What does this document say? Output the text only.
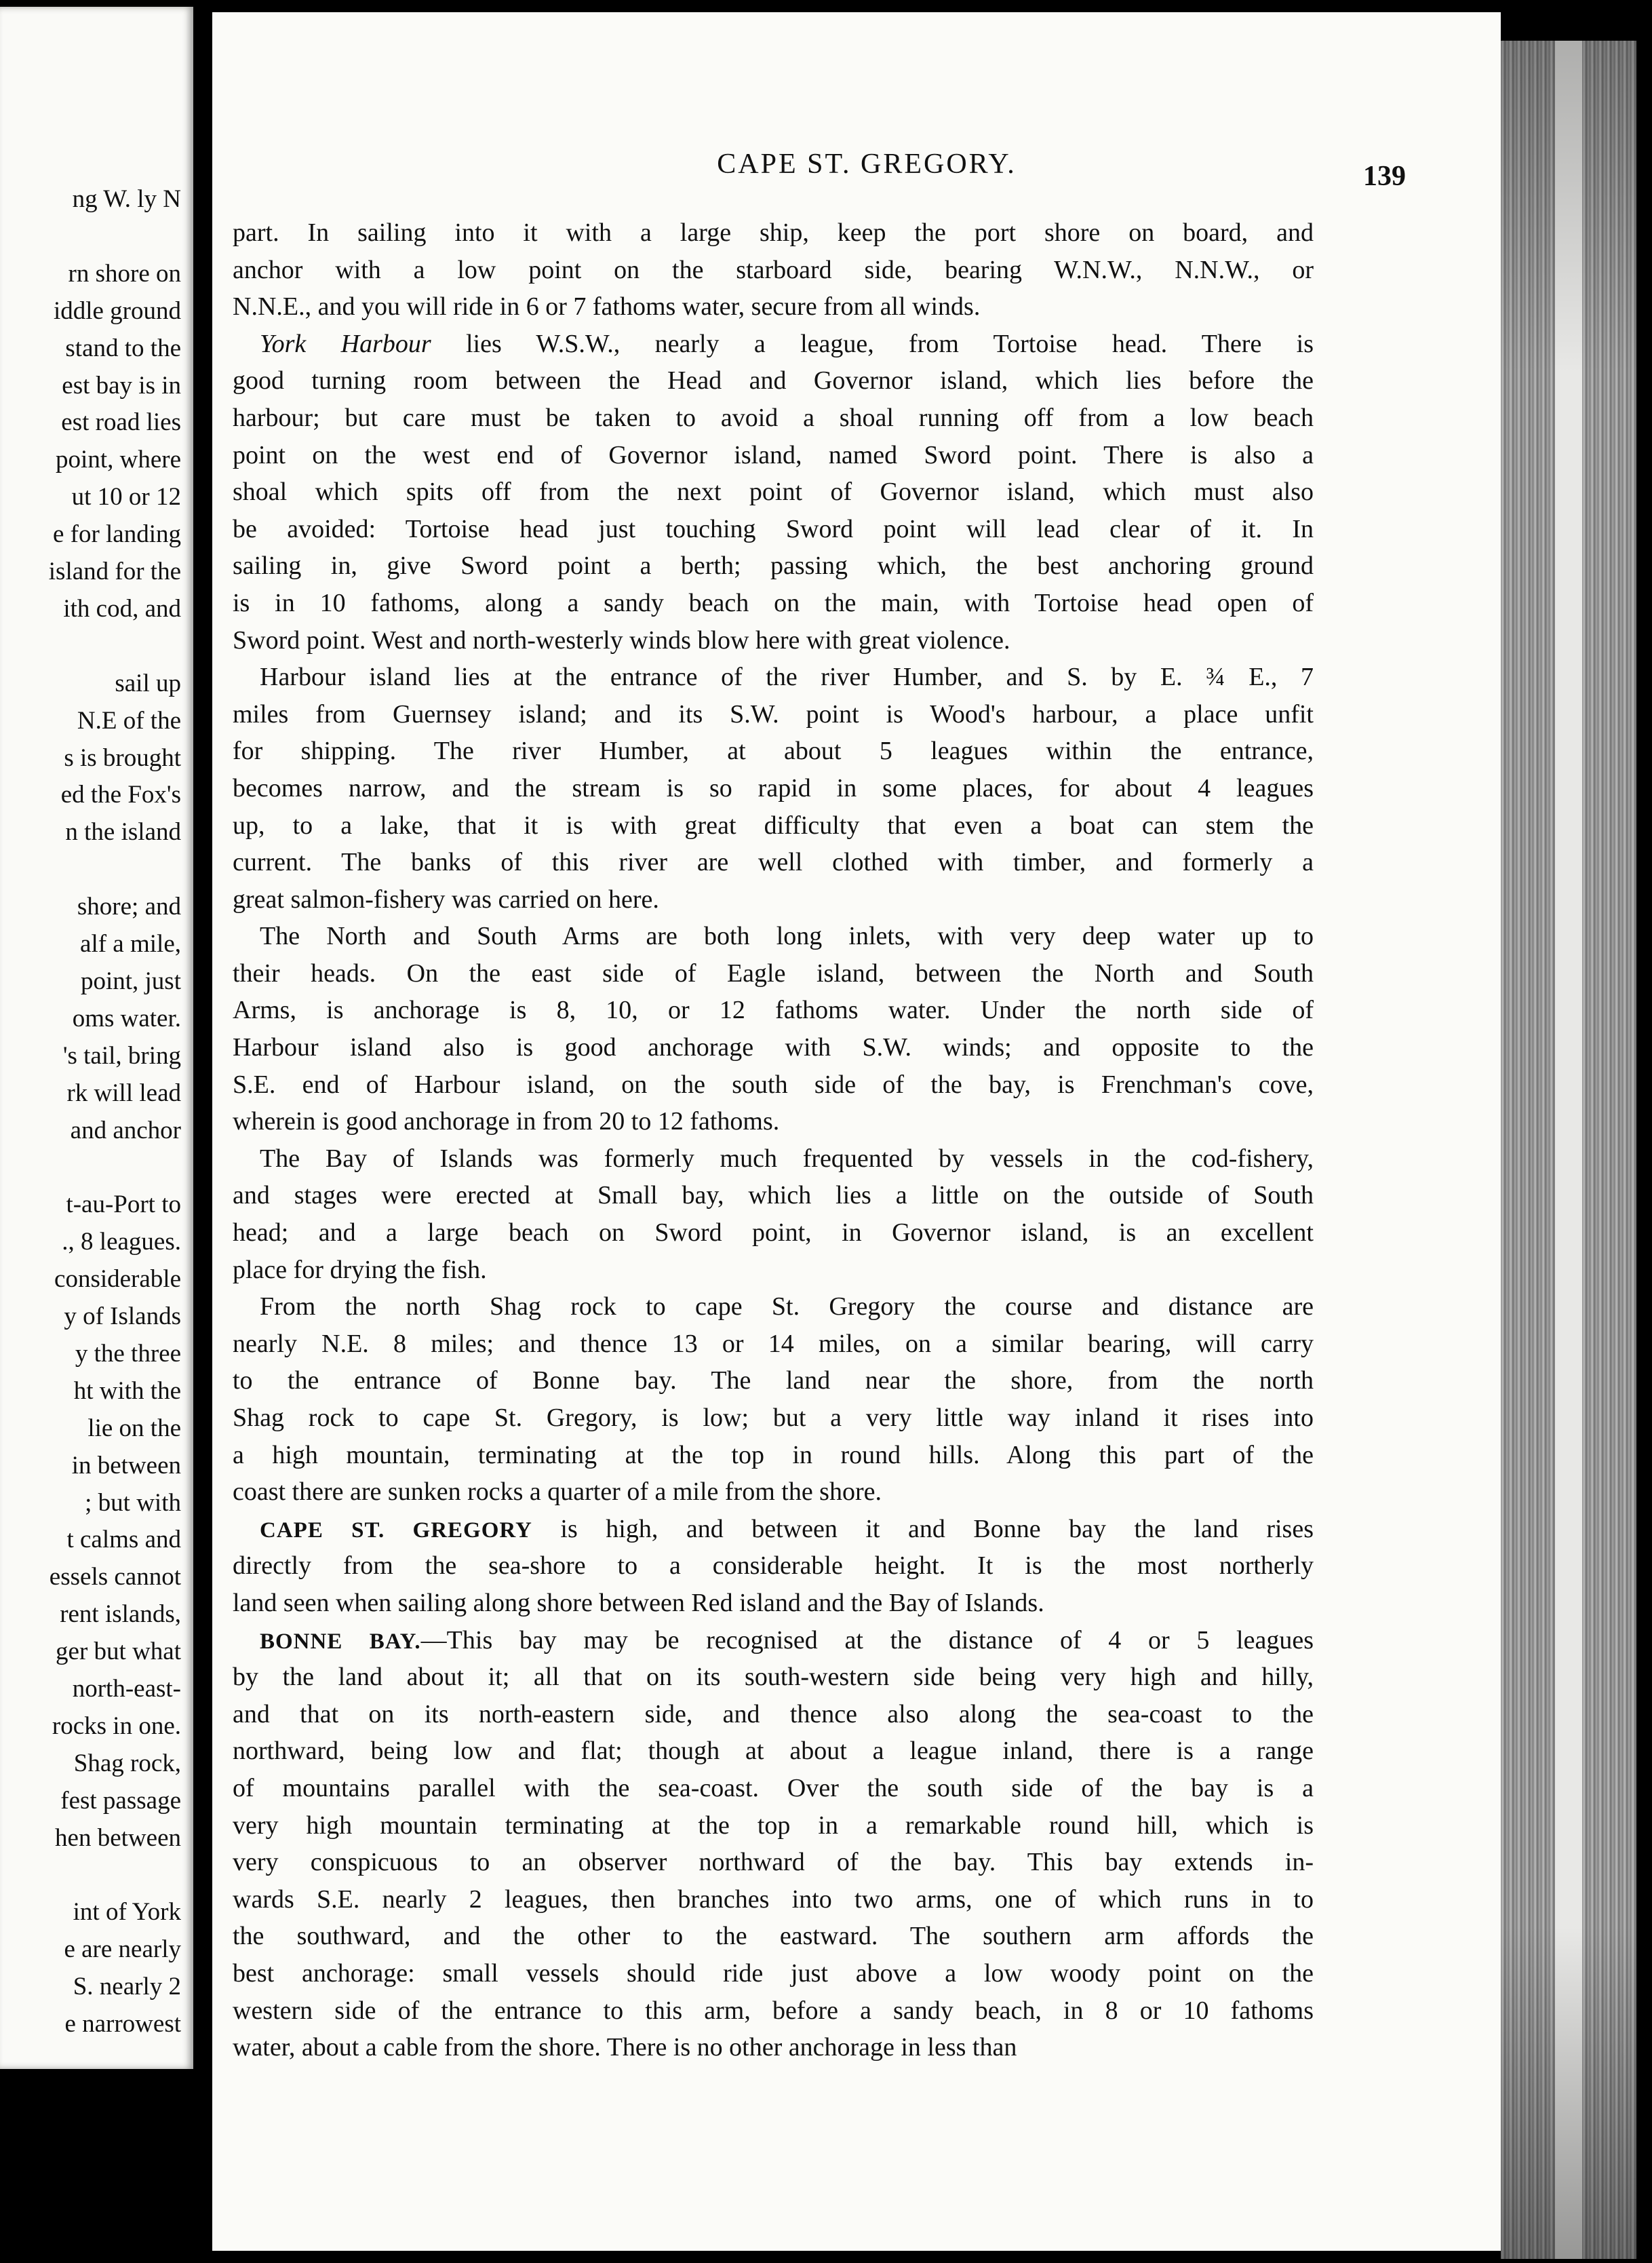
ng W. ly N
rn shore on
iddle ground
stand to the
est bay is in
est road lies
point, where
ut 10 or 12
e for landing
island for the
ith cod, and
sail up
N.E of the
s is brought
ed the Fox's
n the island
shore; and
alf a mile,
point, just
oms water.
's tail, bring
rk will lead
and anchor
t-au-Port to
., 8 leagues.
considerable
y of Islands
y the three
ht with the
lie on the
in between
; but with
t calms and
essels cannot
rent islands,
ger but what
north-east-
rocks in one.
Shag rock,
fest passage
hen between
int of York
e are nearly
S. nearly 2
e narrowest
CAPE ST. GREGORY.	139
part. In sailing into it with a large ship, keep the port shore on board, and
anchor with a low point on the starboard side, bearing W.N.W., N.N.W., or
N.N.E., and you will ride in 6 or 7 fathoms water, secure from all winds.
York Harbour lies W.S.W., nearly a league, from Tortoise head. There is
good turning room between the Head and Governor island, which lies before the
harbour; but care must be taken to avoid a shoal running off from a low beach
point on the west end of Governor island, named Sword point. There is also a
shoal which spits off from the next point of Governor island, which must also
be avoided: Tortoise head just touching Sword point will lead clear of it. In
sailing in, give Sword point a berth; passing which, the best anchoring ground
is in 10 fathoms, along a sandy beach on the main, with Tortoise head open of
Sword point. West and north-westerly winds blow here with great violence.
Harbour island lies at the entrance of the river Humber, and S. by E. ¾ E., 7
miles from Guernsey island; and its S.W. point is Wood's harbour, a place unfit
for shipping. The river Humber, at about 5 leagues within the entrance,
becomes narrow, and the stream is so rapid in some places, for about 4 leagues
up, to a lake, that it is with great difficulty that even a boat can stem the
current. The banks of this river are well clothed with timber, and formerly a
great salmon-fishery was carried on here.
The North and South Arms are both long inlets, with very deep water up to
their heads. On the east side of Eagle island, between the North and South
Arms, is anchorage is 8, 10, or 12 fathoms water. Under the north side of
Harbour island also is good anchorage with S.W. winds; and opposite to the
S.E. end of Harbour island, on the south side of the bay, is Frenchman's cove,
wherein is good anchorage in from 20 to 12 fathoms.
The Bay of Islands was formerly much frequented by vessels in the cod-fishery,
and stages were erected at Small bay, which lies a little on the outside of South
head; and a large beach on Sword point, in Governor island, is an excellent
place for drying the fish.
From the north Shag rock to cape St. Gregory the course and distance are
nearly N.E. 8 miles; and thence 13 or 14 miles, on a similar bearing, will carry
to the entrance of Bonne bay. The land near the shore, from the north
Shag rock to cape St. Gregory, is low; but a very little way inland it rises into
a high mountain, terminating at the top in round hills. Along this part of the
coast there are sunken rocks a quarter of a mile from the shore.
CAPE ST. GREGORY is high, and between it and Bonne bay the land rises
directly from the sea-shore to a considerable height. It is the most northerly
land seen when sailing along shore between Red island and the Bay of Islands.
BONNE BAY.—This bay may be recognised at the distance of 4 or 5 leagues
by the land about it; all that on its south-western side being very high and hilly,
and that on its north-eastern side, and thence also along the sea-coast to the
northward, being low and flat; though at about a league inland, there is a range
of mountains parallel with the sea-coast. Over the south side of the bay is a
very high mountain terminating at the top in a remarkable round hill, which is
very conspicuous to an observer northward of the bay. This bay extends in-
wards S.E. nearly 2 leagues, then branches into two arms, one of which runs in to
the southward, and the other to the eastward. The southern arm affords the
best anchorage: small vessels should ride just above a low woody point on the
western side of the entrance to this arm, before a sandy beach, in 8 or 10 fathoms
water, about a cable from the shore. There is no other anchorage in less than
